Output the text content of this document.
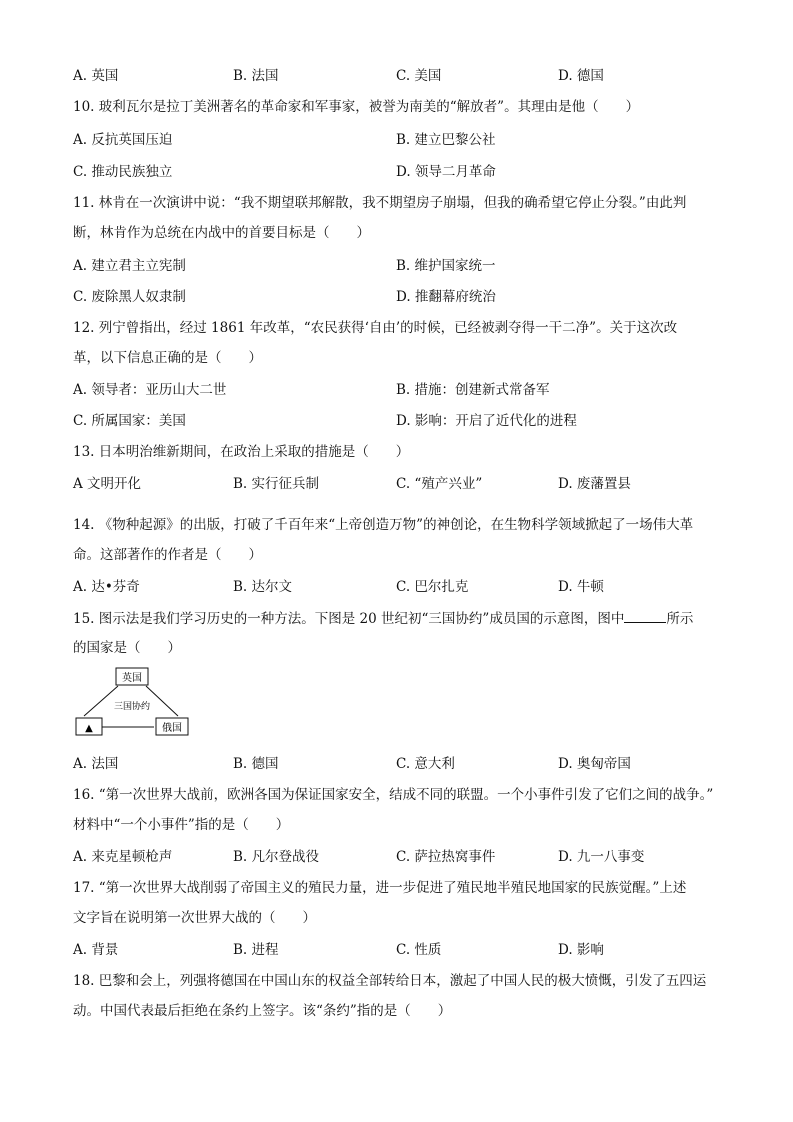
A. 英国	B. 法国	C. 美国	D. 德国
10. 玻利瓦尔是拉丁美洲著名的革命家和军事家，被誉为南美的“解放者”。其理由是他（　　）
A. 反抗英国压迫	B. 建立巴黎公社
C. 推动民族独立	D. 领导二月革命
11. 林肯在一次演讲中说：“我不期望联邦解散，我不期望房子崩塌，但我的确希望它停止分裂。”由此判
断，林肯作为总统在内战中的首要目标是（　　）
A. 建立君主立宪制	B. 维护国家统一
C. 废除黑人奴隶制	D. 推翻幕府统治
12. 列宁曾指出，经过 1861 年改革，“农民获得‘自由’的时候，已经被剥夺得一干二净”。关于这次改
革，以下信息正确的是（　　）
A. 领导者：亚历山大二世	B. 措施：创建新式常备军
C. 所属国家：美国	D. 影响：开启了近代化的进程
13. 日本明治维新期间，在政治上采取的措施是（　　）
A 文明开化	B. 实行征兵制	C. “殖产兴业”	D. 废藩置县
14. 《物种起源》的出版，打破了千百年来“上帝创造万物”的神创论，在生物科学领域掀起了一场伟大革
命。这部著作的作者是（　　）
A. 达•芬奇	B. 达尔文	C. 巴尔扎克	D. 牛顿
15. 图示法是我们学习历史的一种方法。下图是 20 世纪初“三国协约”成员国的示意图，图中	所示
的国家是（　　）
英国
三国协约
▲	俄国
A. 法国	B. 德国	C. 意大利	D. 奥匈帝国
16. “第一次世界大战前，欧洲各国为保证国家安全，结成不同的联盟。一个小事件引发了它们之间的战争。”
材料中“一个小事件”指的是（　　）
A. 来克星顿枪声	B. 凡尔登战役	C. 萨拉热窝事件	D. 九一八事变
17. “第一次世界大战削弱了帝国主义的殖民力量，进一步促进了殖民地半殖民地国家的民族觉醒。”上述
文字旨在说明第一次世界大战的（　　）
A. 背景	B. 进程	C. 性质	D. 影响
18. 巴黎和会上，列强将德国在中国山东的权益全部转给日本，激起了中国人民的极大愤慨，引发了五四运
动。中国代表最后拒绝在条约上签字。该“条约”指的是（　　）
